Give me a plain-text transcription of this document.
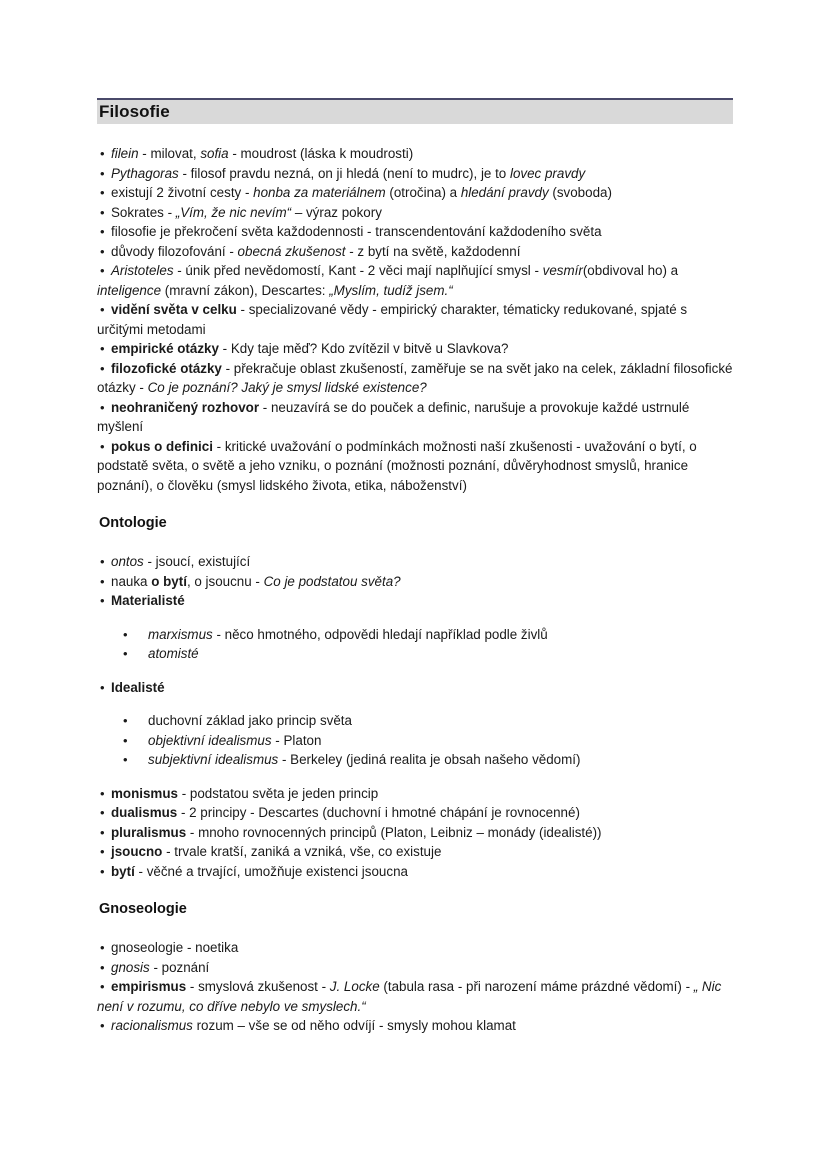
Filosofie
• filein - milovat, sofia - moudrost (láska k moudrosti)
• Pythagoras - filosof pravdu nezná, on ji hledá (není to mudrc), je to lovec pravdy
• existují 2 životní cesty - honba za materiálnem (otročina) a hledání pravdy (svoboda)
• Sokrates - „Vím, že nic nevím“ – výraz pokory
• filosofie je překročení světa každodennosti - transcendentování každodeního světa
• důvody filozofování - obecná zkušenost - z bytí na světě, každodenní
• Aristoteles - únik před nevědomostí, Kant - 2 věci mají naplňující smysl - vesmír(obdivoval ho) a inteligence (mravní zákon), Descartes: „Myslím, tudíž jsem.“
• vidění světa v celku - specializované vědy - empirický charakter, tématicky redukované, spjaté s určitými metodami
• empirické otázky - Kdy taje měď? Kdo zvítězil v bitvě u Slavkova?
• filozofické otázky - překračuje oblast zkušeností, zaměřuje se na svět jako na celek, základní filosofické otázky - Co je poznání? Jaký je smysl lidské existence?
• neohraničený rozhovor - neuzavírá se do pouček a definic, narušuje a provokuje každé ustrnulé myšlení
• pokus o definici - kritické uvažování o podmínkách možnosti naší zkušenosti - uvažování o bytí, o podstatě světa, o světě a jeho vzniku, o poznání (možnosti poznání, důvěryhodnost smyslů, hranice poznání), o člověku (smysl lidského života, etika, náboženství)
Ontologie
• ontos - jsoucí, existující
• nauka o bytí, o jsoucnu - Co je podstatou světa?
• Materialisté
• marxismus - něco hmotného, odpovědi hledají například podle živlů
• atomisté
• Idealisté
• duchovní základ jako princip světa
• objektivní idealismus - Platon
• subjektivní idealismus - Berkeley (jediná realita je obsah našeho vědomí)
• monismus - podstatou světa je jeden princip
• dualismus - 2 principy - Descartes (duchovní i hmotné chápání je rovnocenné)
• pluralismus - mnoho rovnocenných principů (Platon, Leibniz – monády (idealisté))
• jsoucno - trvale kratší, zaniká a vzniká, vše, co existuje
• bytí - věčné a trvající, umožňuje existenci jsoucna
Gnoseologie
• gnoseologie - noetika
• gnosis - poznání
• empirismus - smyslová zkušenost - J. Locke (tabula rasa - při narození máme prázdné vědomí) - „ Nic není v rozumu, co dříve nebylo ve smyslech.“
• racionalismus rozum – vše se od něho odvíjí - smysly mohou klamat
